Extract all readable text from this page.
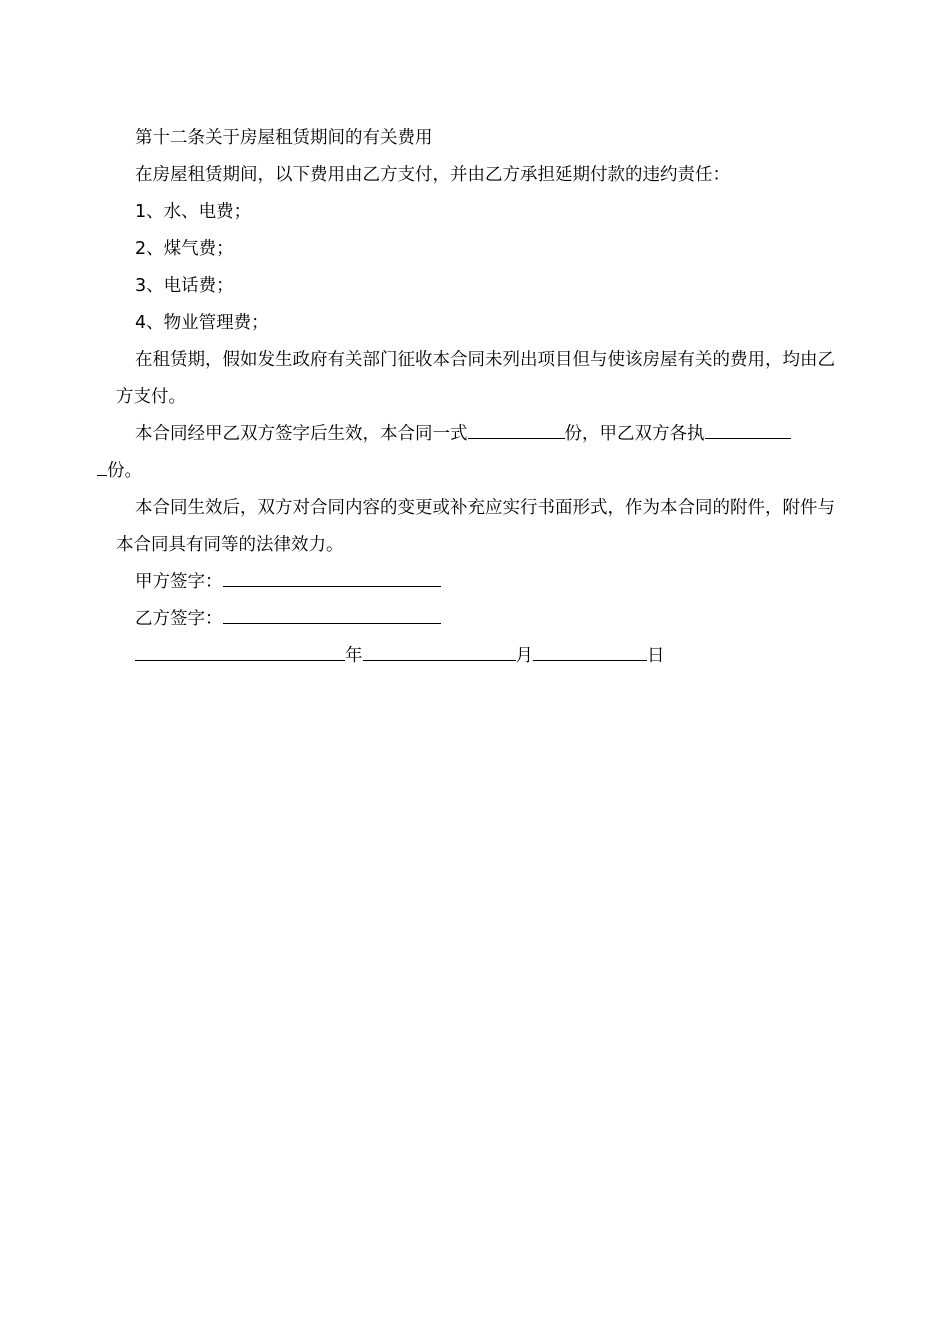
第十二条关于房屋租赁期间的有关费用

在房屋租赁期间，以下费用由乙方支付，并由乙方承担延期付款的违约责任：

1、水、电费；

2、煤气费；

3、电话费；

4、物业管理费；

在租赁期，假如发生政府有关部门征收本合同未列出项目但与使该房屋有关的费用，均由乙方支付。

本合同经甲乙双方签字后生效，本合同一式	份，甲乙双方各执
份。

本合同生效后，双方对合同内容的变更或补充应实行书面形式，作为本合同的附件，附件与本合同具有同等的法律效力。

甲方签字：
乙方签字：
年	月	日
